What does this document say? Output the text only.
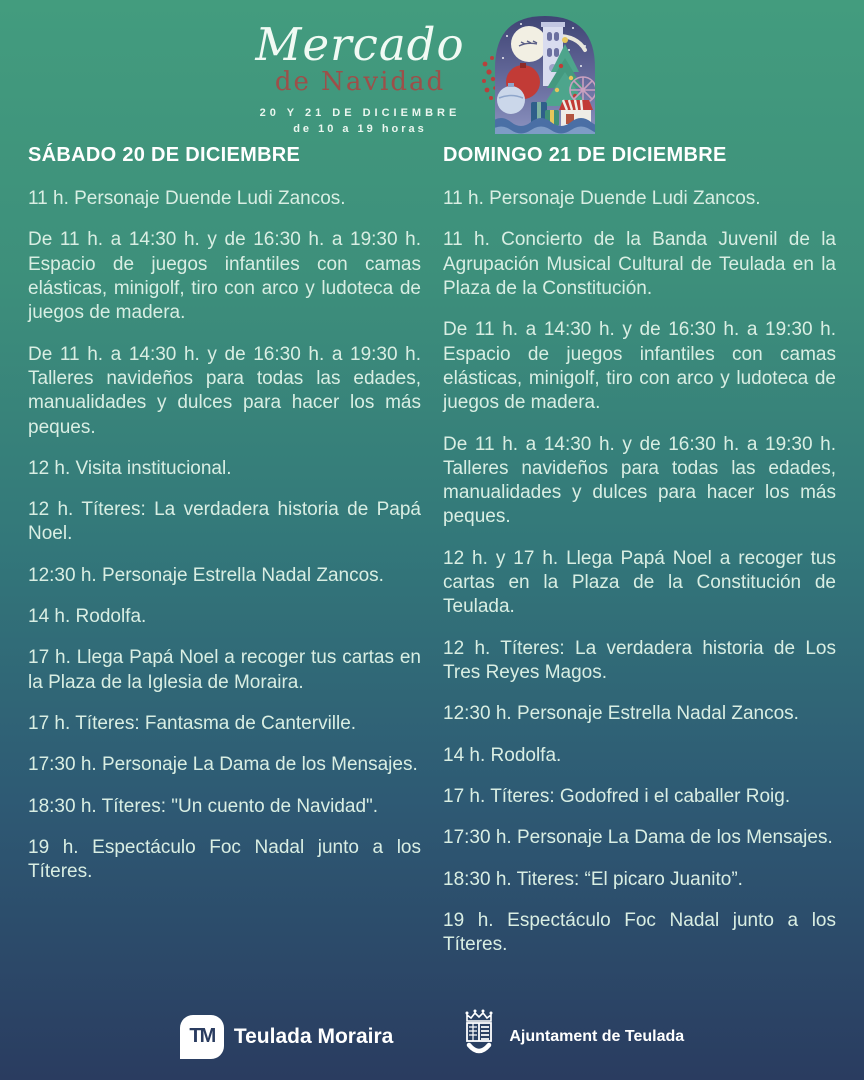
Mercado
de Navidad
20 Y 21 DE DICIEMBRE
de 10 a 19 horas
SÁBADO 20 DE DICIEMBRE

11 h. Personaje Duende Ludi Zancos.

De 11 h. a 14:30 h. y de 16:30 h. a 19:30 h. Espacio de juegos infantiles con camas elásticas, minigolf, tiro con arco y ludoteca de juegos de madera.

De 11 h. a 14:30 h. y de 16:30 h. a 19:30 h. Talleres navideños para todas las edades, manualidades y dulces para hacer los más peques.

12 h. Visita institucional.

12 h. Títeres: La verdadera historia de Papá Noel.

12:30 h. Personaje Estrella Nadal Zancos.

14 h. Rodolfa.

17 h. Llega Papá Noel a recoger tus cartas en la Plaza de la Iglesia de Moraira.

17 h. Títeres: Fantasma de Canterville.

17:30 h. Personaje La Dama de los Mensajes.

18:30 h. Títeres: "Un cuento de Navidad".

19 h. Espectáculo Foc Nadal junto a los Títeres.

DOMINGO 21 DE DICIEMBRE

11 h. Personaje Duende Ludi Zancos.

11 h. Concierto de la Banda Juvenil de la Agrupación Musical Cultural de Teulada en la Plaza de la Constitución.

De 11 h. a 14:30 h. y de 16:30 h. a 19:30 h. Espacio de juegos infantiles con camas elásticas, minigolf, tiro con arco y ludoteca de juegos de madera.

De 11 h. a 14:30 h. y de 16:30 h. a 19:30 h. Talleres navideños para todas las edades, manualidades y dulces para hacer los más peques.

12 h. y 17 h. Llega Papá Noel a recoger tus cartas en la Plaza de la Constitución de Teulada.

12 h. Títeres: La verdadera historia de Los Tres Reyes Magos.

12:30 h. Personaje Estrella Nadal Zancos.

14 h. Rodolfa.

17 h. Títeres: Godofred i el caballer Roig.

17:30 h. Personaje La Dama de los Mensajes.

18:30 h. Titeres: “El picaro Juanito”.

19 h. Espectáculo Foc Nadal junto a los Títeres.

TM Teulada Moraira	Ajuntament de Teulada
